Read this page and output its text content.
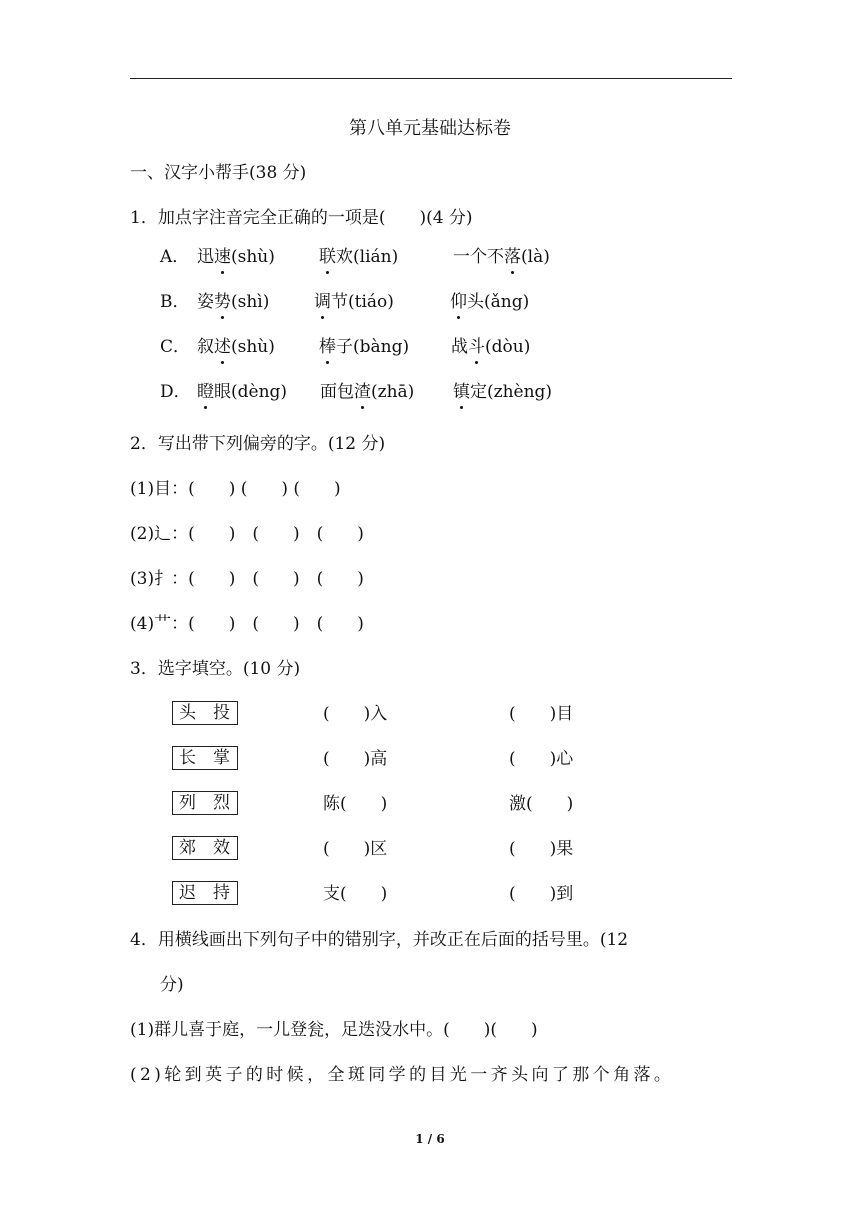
第八单元基础达标卷
一、汉字小帮手(38 分)
1．加点字注音完全正确的一项是(　　)(4 分)
A． 迅速(shù)	联欢(lián)	一个不落(là)
B． 姿势(shì)	调节(tiáo)	仰头(ǎng)
C． 叙述(shù)	棒子(bàng) 战斗(dòu)
D． 瞪眼(dèng) 面包渣(zhā) 镇定(zhèng)
2．写出带下列偏旁的字。(12 分)
(1)目：(　　) (　　) (　　)
(2)辶：(　　)　(　　)　(　　)
(3)扌：(　　)　(　　)　(　　)
(4)艹：(　　)　(　　)　(　　)
3．选字填空。(10 分)
头 投	(　　)入	(　　)目
长 掌	(　　)高	(　　)心
列 烈	陈(　　)	激(　　)
郊 效	(　　)区	(　　)果
迟 持	支(　　)	(　　)到
4．用横线画出下列句子中的错别字，并改正在后面的括号里。(12
分)
(1)群儿喜于庭，一儿登瓮，足迭没水中。(　　)(　　)
(2)轮到英子的时候，全斑同学的目光一齐头向了那个角落。
1 / 6
